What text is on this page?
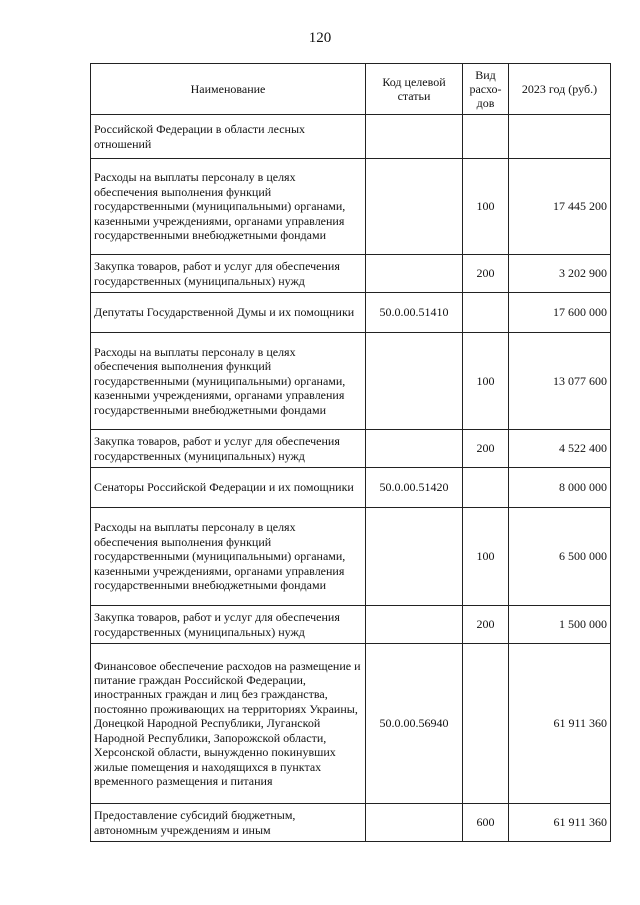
120
Наименование	Код целевой статьи	Вид расхо-дов	2023 год (руб.)
Российской Федерации в области лесных отношений			
Расходы на выплаты персоналу в целях обеспечения выполнения функций государственными (муниципальными) органами, казенными учреждениями, органами управления государственными внебюджетными фондами		100	17 445 200
Закупка товаров, работ и услуг для обеспечения государственных (муниципальных) нужд		200	3 202 900
Депутаты Государственной Думы и их помощники	50.0.00.51410		17 600 000
Расходы на выплаты персоналу в целях обеспечения выполнения функций государственными (муниципальными) органами, казенными учреждениями, органами управления государственными внебюджетными фондами		100	13 077 600
Закупка товаров, работ и услуг для обеспечения государственных (муниципальных) нужд		200	4 522 400
Сенаторы Российской Федерации и их помощники	50.0.00.51420		8 000 000
Расходы на выплаты персоналу в целях обеспечения выполнения функций государственными (муниципальными) органами, казенными учреждениями, органами управления государственными внебюджетными фондами		100	6 500 000
Закупка товаров, работ и услуг для обеспечения государственных (муниципальных) нужд		200	1 500 000
Финансовое обеспечение расходов на размещение и питание граждан Российской Федерации, иностранных граждан и лиц без гражданства, постоянно проживающих на территориях Украины, Донецкой Народной Республики, Луганской Народной Республики, Запорожской области, Херсонской области, вынужденно покинувших жилые помещения и находящихся в пунктах временного размещения и питания	50.0.00.56940		61 911 360
Предоставление субсидий бюджетным, автономным учреждениям и иным		600	61 911 360
